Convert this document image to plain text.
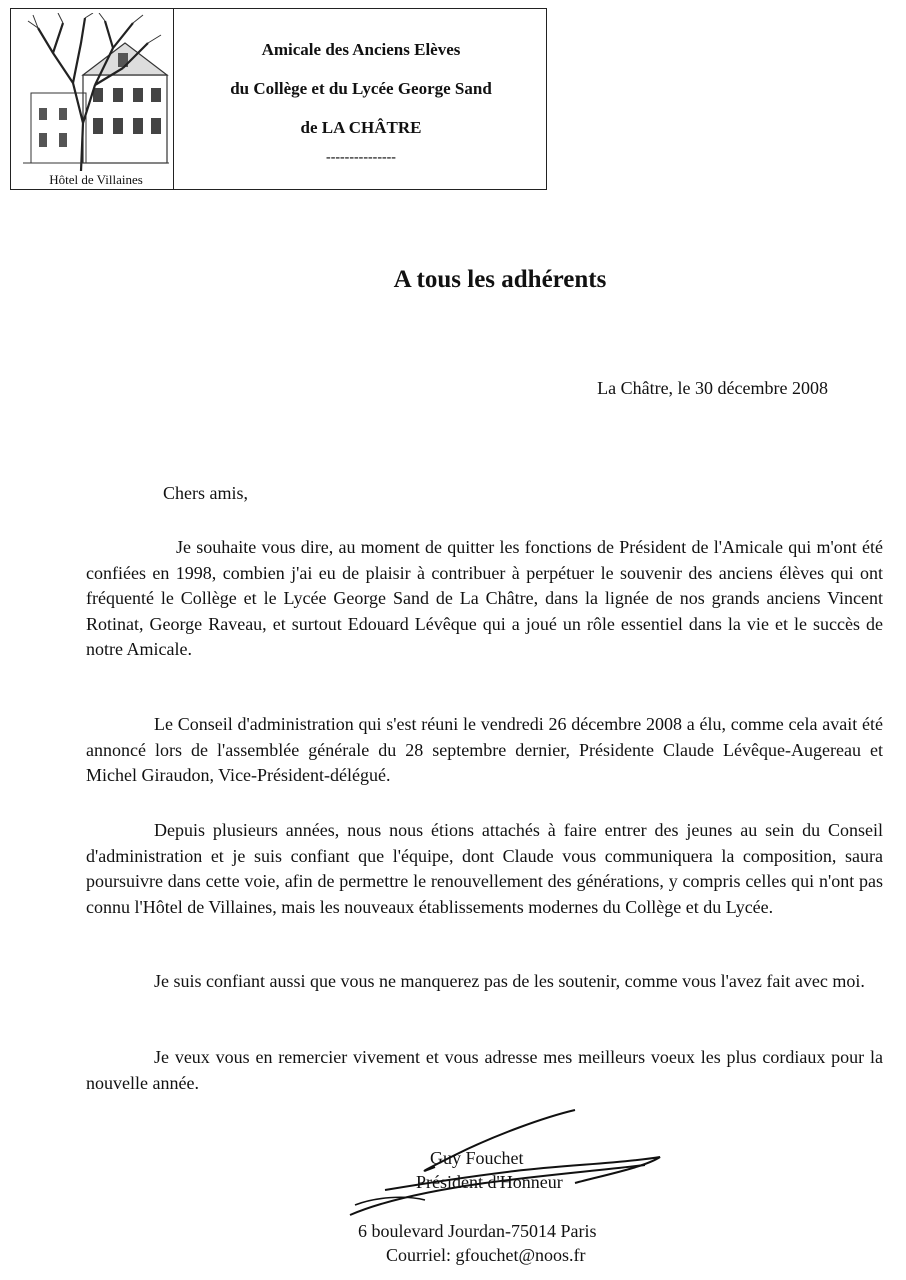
Hôtel de Villaines
Amicale des Anciens Elèves
du Collège et du Lycée George Sand
de LA CHÂTRE
---------------
A tous les adhérents
La Châtre, le 30 décembre 2008
Chers amis,

Je souhaite vous dire, au moment de quitter les fonctions de Président de l'Amicale qui m'ont été confiées en 1998, combien j'ai eu de plaisir à contribuer à perpétuer le souvenir des anciens élèves qui ont fréquenté le Collège et le Lycée George Sand de La Châtre, dans la lignée de nos grands anciens Vincent Rotinat, George Raveau, et surtout Edouard Lévêque qui a joué un rôle essentiel dans la vie et le succès de notre Amicale.

Le Conseil d'administration qui s'est réuni le vendredi 26 décembre 2008 a élu, comme cela avait été annoncé lors de l'assemblée générale du 28 septembre dernier, Présidente Claude Lévêque-Augereau et Michel Giraudon, Vice-Président-délégué.

Depuis plusieurs années, nous nous étions attachés à faire entrer des jeunes au sein du Conseil d'administration et je suis confiant que l'équipe, dont Claude vous communiquera la composition, saura poursuivre dans cette voie, afin de permettre le renouvellement des générations, y compris celles qui n'ont pas connu l'Hôtel de Villaines, mais les nouveaux établissements modernes du Collège et du Lycée.

Je suis confiant aussi que vous ne manquerez pas de les soutenir, comme vous l'avez fait avec moi.

Je veux vous en remercier vivement et vous adresse mes meilleurs voeux les plus cordiaux pour la nouvelle année.

Guy Fouchet
Président d'Honneur
6 boulevard Jourdan-75014 Paris
Courriel: gfouchet@noos.fr
